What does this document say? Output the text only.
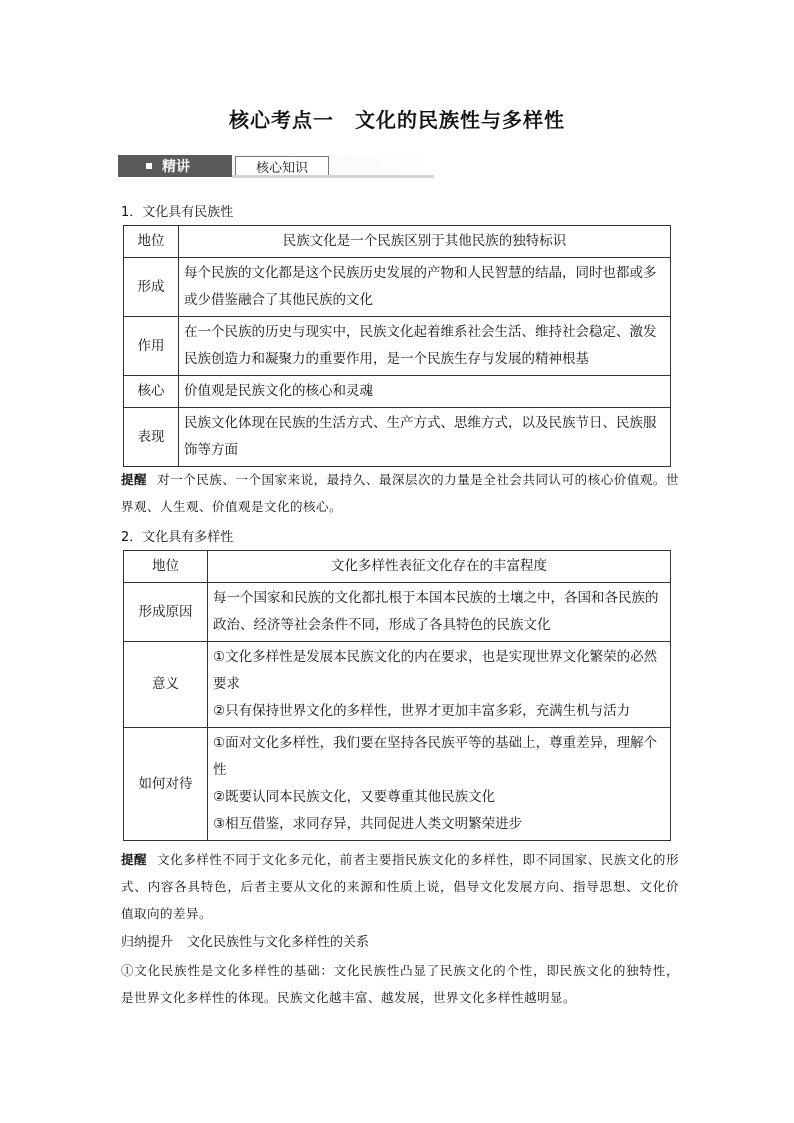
核心考点一　文化的民族性与多样性
精讲	核心知识
1．文化具有民族性
地位	民族文化是一个民族区别于其他民族的独特标识
形成	每个民族的文化都是这个民族历史发展的产物和人民智慧的结晶，同时也都或多或少借鉴融合了其他民族的文化
作用	在一个民族的历史与现实中，民族文化起着维系社会生活、维持社会稳定、激发民族创造力和凝聚力的重要作用，是一个民族生存与发展的精神根基
核心	价值观是民族文化的核心和灵魂
表现	民族文化体现在民族的生活方式、生产方式、思维方式，以及民族节日、民族服饰等方面
提醒 对一个民族、一个国家来说，最持久、最深层次的力量是全社会共同认可的核心价值观。世界观、人生观、价值观是文化的核心。
2．文化具有多样性
地位	文化多样性表征文化存在的丰富程度
形成原因	每一个国家和民族的文化都扎根于本国本民族的土壤之中，各国和各民族的政治、经济等社会条件不同，形成了各具特色的民族文化
意义	①文化多样性是发展本民族文化的内在要求，也是实现世界文化繁荣的必然要求
②只有保持世界文化的多样性，世界才更加丰富多彩，充满生机与活力

如何对待	①面对文化多样性，我们要在坚持各民族平等的基础上，尊重差异，理解个性
②既要认同本民族文化，又要尊重其他民族文化
③相互借鉴，求同存异，共同促进人类文明繁荣进步
提醒 文化多样性不同于文化多元化，前者主要指民族文化的多样性，即不同国家、民族文化的形式、内容各具特色，后者主要从文化的来源和性质上说，倡导文化发展方向、指导思想、文化价值取向的差异。
归纳提升 文化民族性与文化多样性的关系
①文化民族性是文化多样性的基础：文化民族性凸显了民族文化的个性，即民族文化的独特性，是世界文化多样性的体现。民族文化越丰富、越发展，世界文化多样性越明显。
